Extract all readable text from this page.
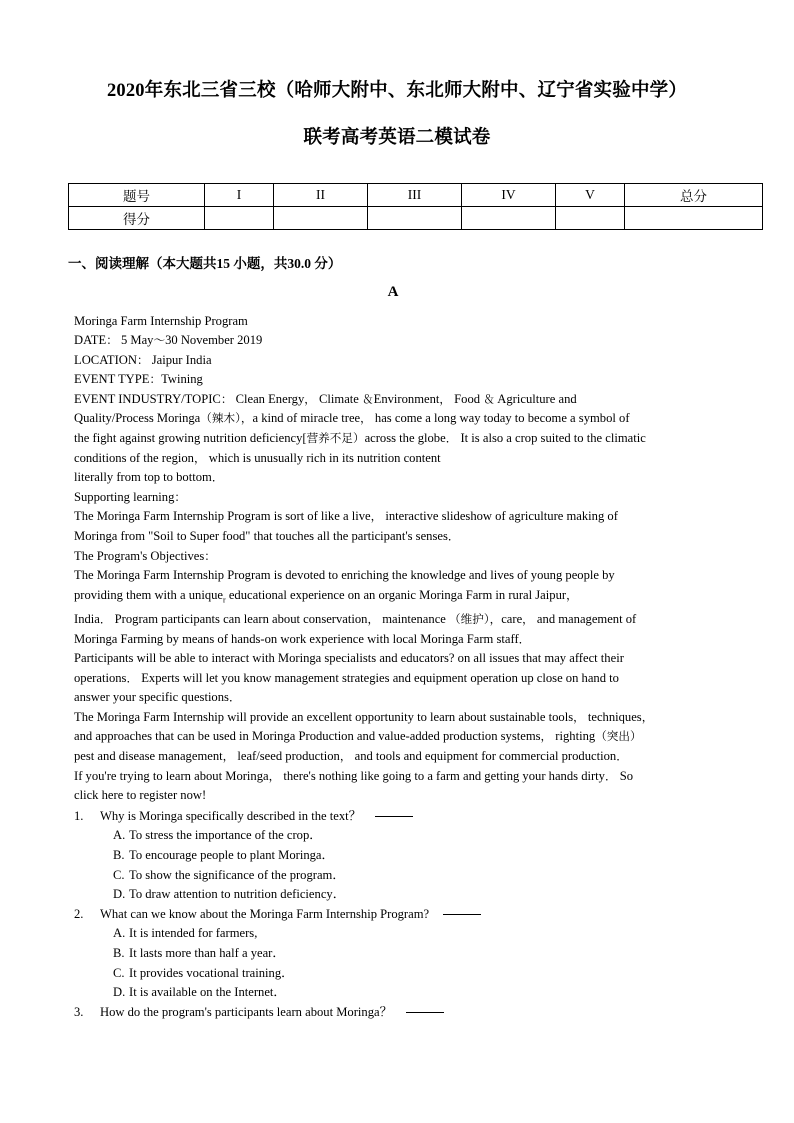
2020年东北三省三校（哈师大附中、东北师大附中、辽宁省实验中学）
联考高考英语二模试卷
题号	I	II	III	IV	V	总分
得分						
一、阅读理解（本大题共15 小题，共30.0 分）
A
Moringa Farm Internship Program
DATE： 5 May～30 November 2019
LOCATION： Jaipur India
EVENT TYPE：Twining
EVENT INDUSTRY/TOPIC： Clean Energy， Climate ＆Environment， Food ＆ Agriculture and
Quality/Process Moringa（辣木），a kind of miracle tree， has come a long way today to become a symbol of
the fight against growing nutrition deficiency[营养不足）across the globe． It is also a crop suited to the climatic
conditions of the region， which is unusually rich in its nutrition content
literally from top to bottom．
Supporting learning：
The Moringa Farm Internship Program is sort of like a live， interactive slideshow of agriculture making of
Moringa from "Soil to Super food" that touches all the participant's senses．
The Program's Objectives：
The Moringa Farm Internship Program is devoted to enriching the knowledge and lives of young people by
providing them with a unique$_r$ educational experience on an organic Moringa Farm in rural Jaipur，
India． Program participants can learn about conservation， maintenance （维护），care， and management of
Moringa Farming by means of hands-on work experience with local Moringa Farm staff．
Participants will be able to interact with Moringa specialists and educators? on all issues that may affect their
operations． Experts will let you know management strategies and equipment operation up close on hand to
answer your specific questions．
The Moringa Farm Internship will provide an excellent opportunity to learn about sustainable tools， techniques，
and approaches that can be used in Moringa Production and value-added production systems， righting（突出）
pest and disease management， leaf/seed production， and tools and equipment for commercial production．
If you're trying to learn about Moringa， there's nothing like going to a farm and getting your hands dirty． So
click here to register now!
1.	Why is Moringa specifically described in the text？
A. To stress the importance of the crop．
B. To encourage people to plant Moringa．
C. To show the significance of the program．
D. To draw attention to nutrition deficiency．
2.	What can we know about the Moringa Farm Internship Program?
A. It is intended for farmers,
B. It lasts more than half a year．
C. It provides vocational training．
D. It is available on the Internet．
3.	How do the program's participants learn about Moringa？
